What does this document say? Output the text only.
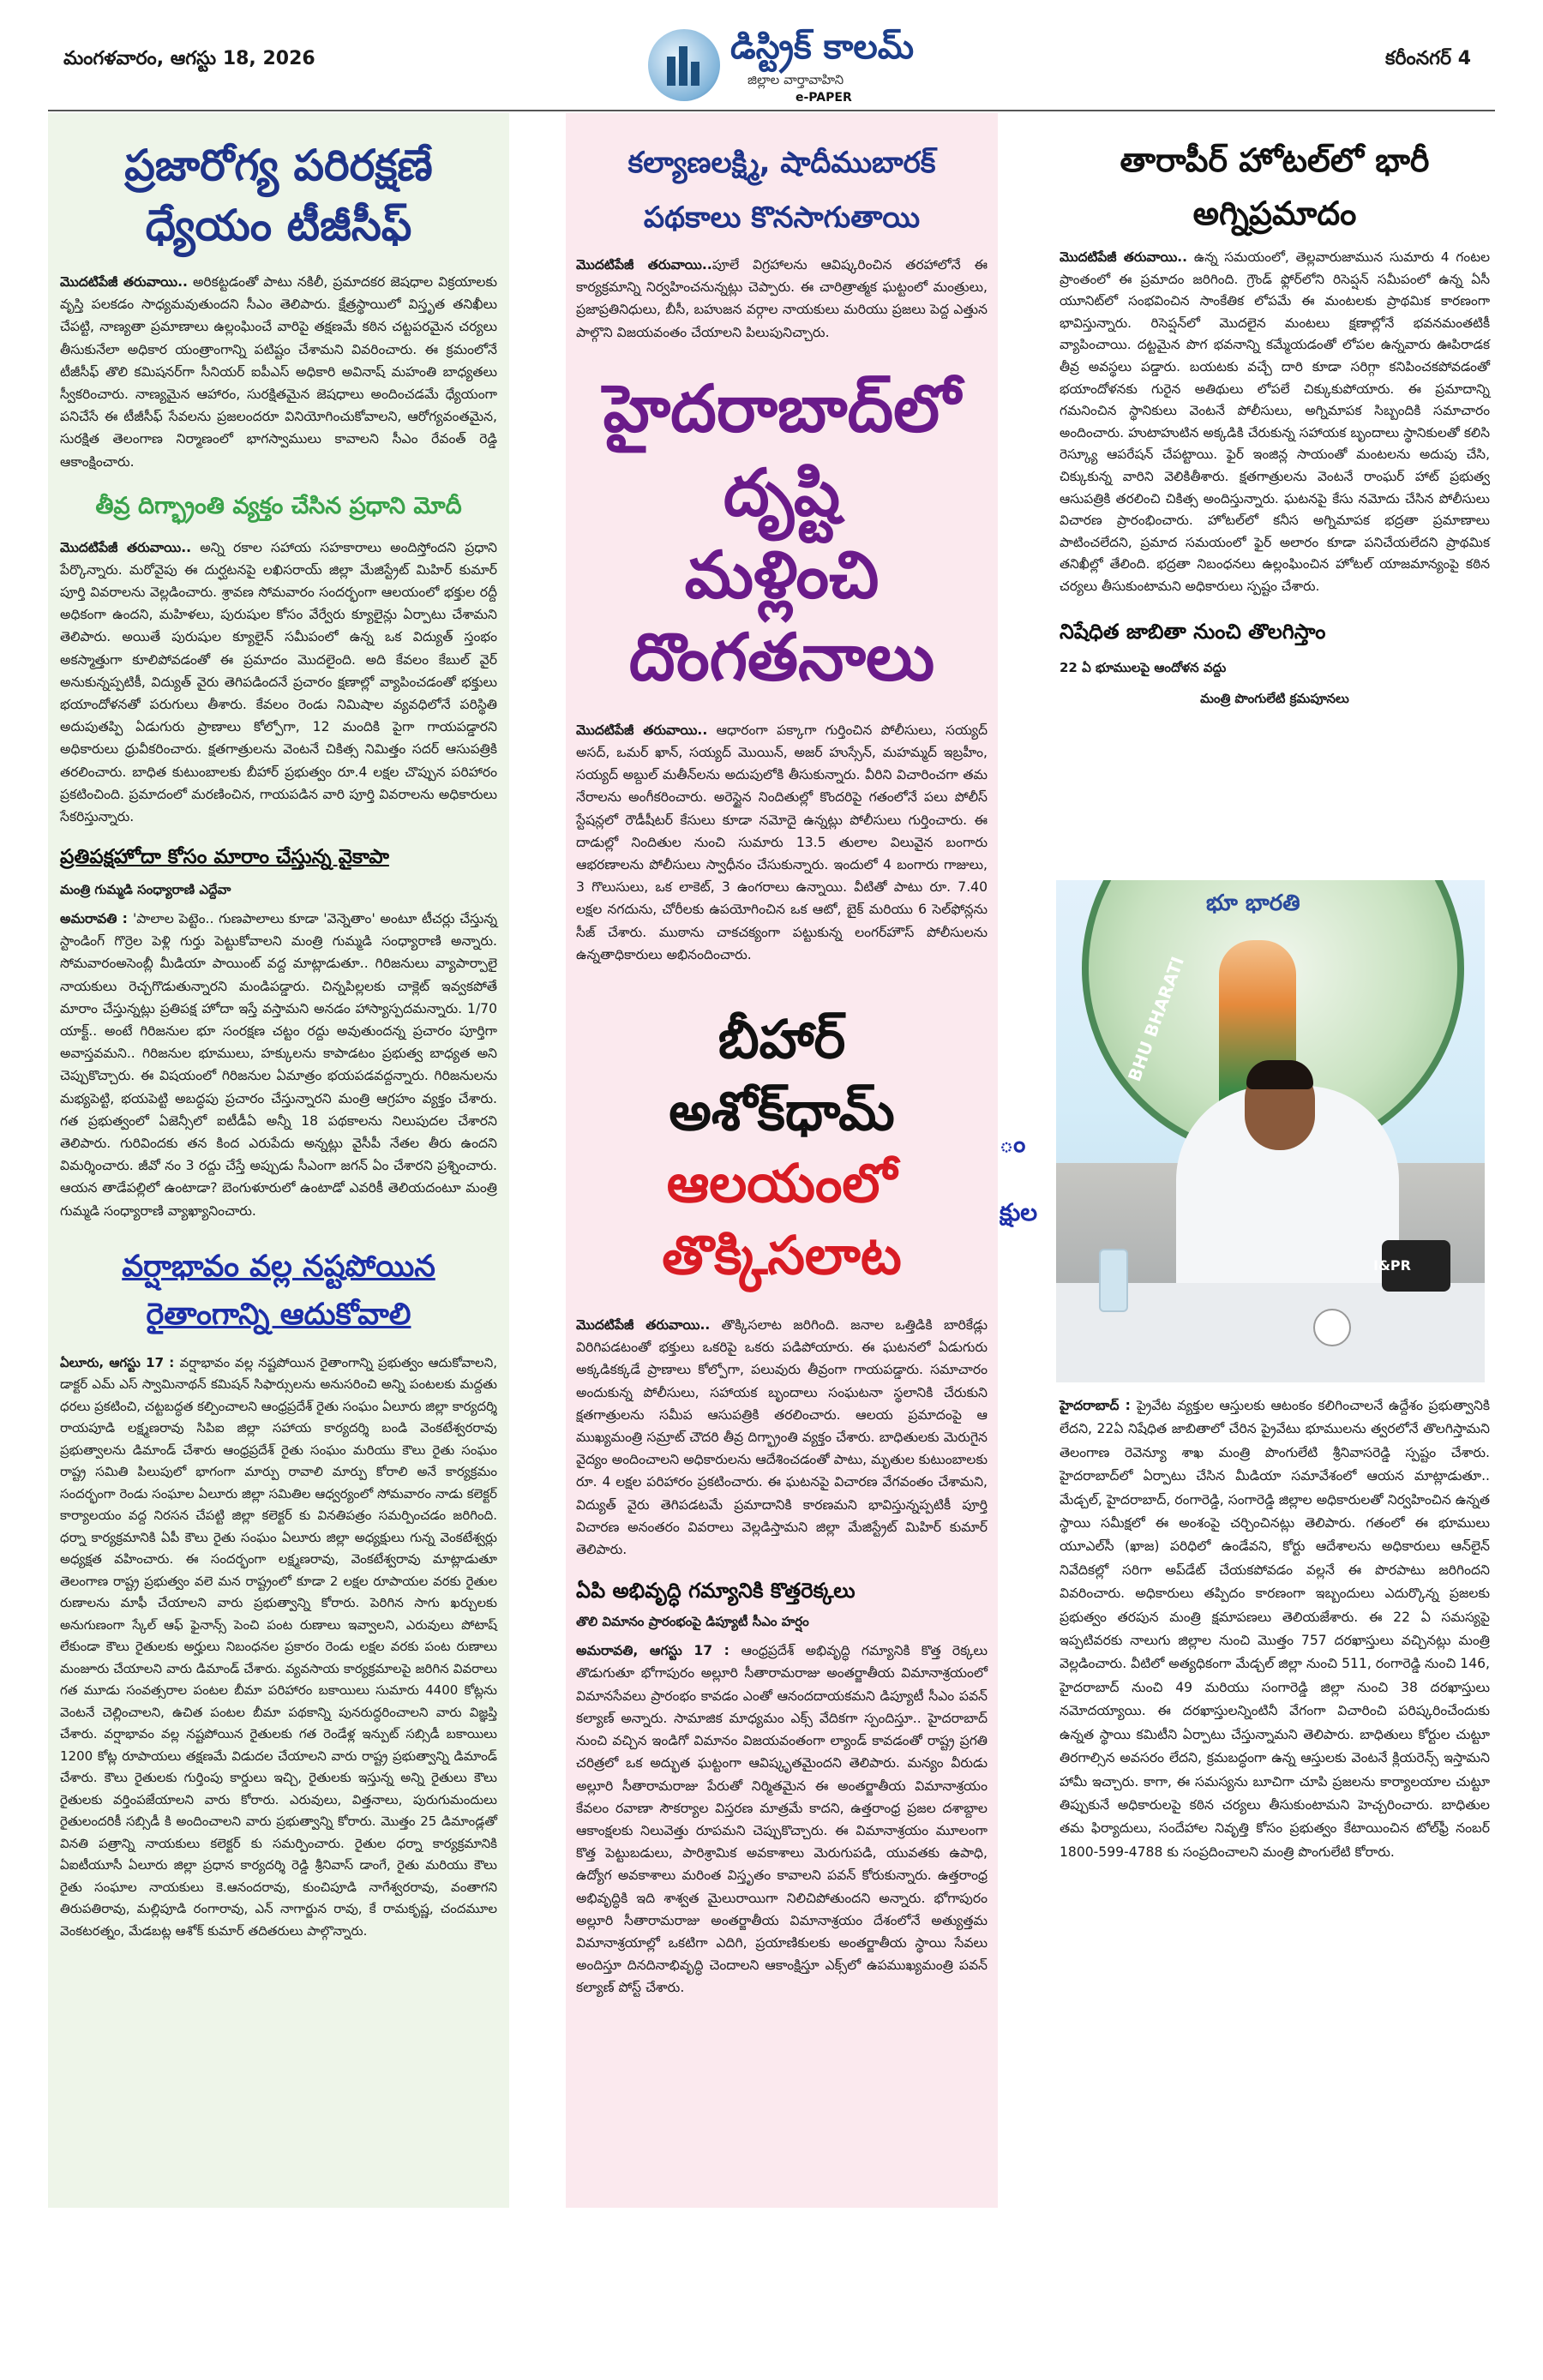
మంగళవారం, ఆగస్టు 18, 2026	డిస్ట్రిక్ కాలమ్
జిల్లాల వార్తావాహిని
e-PAPER
కరీంనగర్ 4
ప్రజారోగ్య పరిరక్షణే ధ్యేయం టీజీసీఫ్

మొదటిపేజీ తరువాయి.. అరికట్టడంతో పాటు నకిలీ, ప్రమాదకర జెషధాల విక్రయాలకు వృస్తి పలకడం సాధ్యమవుతుందని సీఎం తెలిపారు. క్షేత్రస్థాయిలో విస్తృత తనిఖీలు చేపట్టి, నాణ్యతా ప్రమాణాలు ఉల్లంఘించే వారిపై తక్షణమే కఠిన చట్టపరమైన చర్యలు తీసుకునేలా అధికార యంత్రాంగాన్ని పటిష్టం చేశామని వివరించారు. ఈ క్రమంలోనే టీజీసీఫ్ తొలి కమిషనర్‌గా సీనియర్ ఐపీఎస్ అధికారి అవినాష్ మహంతి బాధ్యతలు స్వీకరించారు. నాణ్యమైన ఆహారం, సురక్షితమైన జెషధాలు అందించడమే ధ్యేయంగా పనిచేసే ఈ టీజీసీఫ్ సేవలను ప్రజలందరూ వినియోగించుకోవాలని, ఆరోగ్యవంతమైన, సురక్షిత తెలంగాణ నిర్మాణంలో భాగస్వాములు కావాలని సీఎం రేవంత్ రెడ్డి ఆకాంక్షించారు.

తీవ్ర దిగ్భ్రాంతి వ్యక్తం చేసిన ప్రధాని మోదీ

మొదటిపేజీ తరువాయి.. అన్ని రకాల సహాయ సహకారాలు అందిస్తోందని ప్రధాని పేర్కొన్నారు. మరోవైపు ఈ దుర్ఘటనపై లఖిసరాయ్ జిల్లా మేజిస్ట్రేట్ మిహిర్ కుమార్ పూర్తి వివరాలను వెల్లడించారు. శ్రావణ సోమవారం సందర్భంగా ఆలయంలో భక్తుల రద్దీ అధికంగా ఉందని, మహిళలు, పురుషుల కోసం వేర్వేరు క్యూలైన్లు ఏర్పాటు చేశామని తెలిపారు. అయితే పురుషుల క్యూలైన్ సమీపంలో ఉన్న ఒక విద్యుత్ స్తంభం అకస్మాత్తుగా కూలిపోవడంతో ఈ ప్రమాదం మొదలైంది. అది కేవలం కేబుల్ వైర్ అనుకున్నప్పటికీ, విద్యుత్ వైరు తెగిపడిందనే ప్రచారం క్షణాల్లో వ్యాపించడంతో భక్తులు భయాందోళనతో పరుగులు తీశారు. కేవలం రెండు నిమిషాల వ్యవధిలోనే పరిస్థితి అదుపుతప్పి ఏడుగురు ప్రాణాలు కోల్పోగా, 12 మందికి పైగా గాయపడ్డారని అధికారులు ధ్రువీకరించారు. క్షతగాత్రులను వెంటనే చికిత్స నిమిత్తం సదర్ ఆసుపత్రికి తరలించారు. బాధిత కుటుంబాలకు బీహార్ ప్రభుత్వం రూ.4 లక్షల చొప్పున పరిహారం ప్రకటించింది. ప్రమాదంలో మరణించిన, గాయపడిన వారి పూర్తి వివరాలను అధికారులు సేకరిస్తున్నారు.

ప్రతిపక్షహోదా కోసం మారాం చేస్తున్న వైకాపా
మంత్రి గుమ్మడి సంధ్యారాణి ఎద్దేవా

అమరావతి : 'పాలాల పెట్టెం.. గుణపాలాలు కూడా 'వెన్నెతాం' అంటూ టీచర్లు చేస్తున్న స్టాండింగ్ గొర్రెల పెళ్లి గుర్తు పెట్టుకోవాలని మంత్రి గుమ్మడి సంధ్యారాణి అన్నారు. సోమవారంఅసెంబ్లీ మీడియా పాయింట్ వద్ద మాట్లాడుతూ.. గిరిజనులు వ్యాపార్పాలై నాయకులు రెచ్చగొడుతున్నారని మండిపడ్డారు. చిన్నపిల్లలకు చాక్లెట్ ఇవ్వకపోతే మారాం చేస్తున్నట్లు ప్రతిపక్ష హోదా ఇస్తే వస్తామని అనడం హాస్యాస్పదమన్నారు. 1/70 యాక్ట్.. అంటే గిరిజనుల భూ సంరక్షణ చట్టం రద్దు అవుతుందన్న ప్రచారం పూర్తిగా అవాస్తవమని.. గిరిజనుల భూములు, హక్కులను కాపాడటం ప్రభుత్వ బాధ్యత అని చెప్పుకొచ్చారు. ఈ విషయంలో గిరిజనుల ఏమాత్రం భయపడవద్దన్నారు. గిరిజనులను మభ్యపెట్టి, భయపెట్టి అబద్ధపు ప్రచారం చేస్తున్నారని మంత్రి ఆగ్రహం వ్యక్తం చేశారు. గత ప్రభుత్వంలో ఏజెన్సీలో ఐటీడీఏ అన్నీ 18 పథకాలను నిలుపుదల చేశారని తెలిపారు. గురివిందకు తన కింద ఎరుపేదు అన్నట్లు వైసీపీ నేతల తీరు ఉందని విమర్శించారు. జీవో నం 3 రద్దు చేస్తే అప్పుడు సీఎంగా జగన్ ఏం చేశారని ప్రశ్నించారు. ఆయన తాడేపల్లిలో ఉంటాడా? బెంగుళూరులో ఉంటాడో ఎవరికీ తెలియదంటూ మంత్రి గుమ్మడి సంధ్యారాణి వ్యాఖ్యానించారు.

వర్షాభావం వల్ల నష్టపోయిన రైతాంగాన్ని ఆదుకోవాలి

ఏలూరు, ఆగస్టు 17 : వర్షాభావం వల్ల నష్టపోయిన రైతాంగాన్ని ప్రభుత్వం ఆదుకోవాలని, డాక్టర్ ఎమ్ ఎస్ స్వామినాథన్ కమిషన్ సిఫార్సులను అనుసరించి అన్ని పంటలకు మద్దతు ధరలు ప్రకటించి, చట్టబద్ధత కల్పించాలని ఆంధ్రప్రదేశ్ రైతు సంఘం ఏలూరు జిల్లా కార్యదర్శి రాయపూడి లక్ష్మణరావు సిపిఐ జిల్లా సహాయ కార్యదర్శి బండి వెంకటేశ్వరరావు ప్రభుత్వాలను డిమాండ్ చేశారు ఆంధ్రప్రదేశ్ రైతు సంఘం మరియు కౌలు రైతు సంఘం రాష్ట్ర సమితి పిలుపులో భాగంగా మార్పు రావాలి మార్పు కోరాలి అనే కార్యక్రమం సందర్భంగా రెండు సంఘాల ఏలూరు జిల్లా సమితిల ఆధ్వర్యంలో సోమవారం నాడు కలెక్టర్ కార్యాలయం వద్ద నిరసన చేపట్టి జిల్లా కలెక్టర్ కు వినతిపత్రం సమర్పించడం జరిగింది. ధర్నా కార్యక్రమానికి ఏపీ కౌలు రైతు సంఘం ఏలూరు జిల్లా అధ్యక్షులు గున్న వెంకటేశ్వర్లు అధ్యక్షత వహించారు. ఈ సందర్భంగా లక్ష్మణరావు, వెంకటేశ్వరావు మాట్లాడుతూ తెలంగాణ రాష్ట్ర ప్రభుత్వం వలె మన రాష్ట్రంలో కూడా 2 లక్షల రూపాయల వరకు రైతుల రుణాలను మాఫీ చేయాలని వారు ప్రభుత్వాన్ని కోరారు. పెరిగిన సాగు ఖర్చులకు అనుగుణంగా స్కేల్ ఆఫ్ ఫైనాన్స్ పెంచి పంట రుణాలు ఇవ్వాలని, ఎరువులు పోటాష్ లేకుండా కౌలు రైతులకు అర్హులు నిబంధనల ప్రకారం రెండు లక్షల వరకు పంట రుణాలు మంజూరు చేయాలని వారు డిమాండ్ చేశారు. వ్యవసాయ కార్యక్రమాలపై జరిగిన వివరాలు గత మూడు సంవత్సరాల పంటల బీమా పరిహారం బకాయిలు సుమారు 4400 కోట్లను వెంటనే చెల్లించాలని, ఉచిత పంటల బీమా పథకాన్ని పునరుద్ధరించాలని వారు విజ్ఞప్తి చేశారు. వర్షాభావం వల్ల నష్టపోయిన రైతులకు గత రెండేళ్ల ఇన్పుట్ సబ్సిడీ బకాయిలు 1200 కోట్ల రూపాయలు తక్షణమే విడుదల చేయాలని వారు రాష్ట్ర ప్రభుత్వాన్ని డిమాండ్ చేశారు. కౌలు రైతులకు గుర్తింపు కార్డులు ఇచ్చి, రైతులకు ఇస్తున్న అన్ని రైతులు కౌలు రైతులకు వర్తింపజేయాలని వారు కోరారు. ఎరువులు, విత్తనాలు, పురుగుమందులు రైతులందరికీ సబ్సిడీ కి అందించాలని వారు ప్రభుత్వాన్ని కోరారు. మొత్తం 25 డిమాండ్లతో వినతి పత్రాన్ని నాయకులు కలెక్టర్ కు సమర్పించారు. రైతుల ధర్నా కార్యక్రమానికి ఏఐటీయూసీ ఏలూరు జిల్లా ప్రధాన కార్యదర్శి రెడ్డి శ్రీనివాస్ డాంగే, రైతు మరియు కౌలు రైతు సంఘాల నాయకులు కె.ఆనందరావు, కుంచిపూడి నాగేశ్వరరావు, వంతాగని తిరుపతిరావు, మల్లిపూడి రంగారావు, ఎన్ నాగార్జున రావు, కే రామకృష్ణ, చందమూల వెంకటరత్నం, మేడబట్ల ఆశోక్ కుమార్ తదితరులు పాల్గొన్నారు.

కల్యాణలక్ష్మి, షాదీముబారక్ పథకాలు కొనసాగుతాయి

మొదటిపేజీ తరువాయి..పూలే విగ్రహాలను ఆవిష్కరించిన తరహాలోనే ఈ కార్యక్రమాన్ని నిర్వహించనున్నట్లు చెప్పారు. ఈ చారిత్రాత్మక ఘట్టంలో మంత్రులు, ప్రజాప్రతినిధులు, బీసీ, బహుజన వర్గాల నాయకులు మరియు ప్రజలు పెద్ద ఎత్తున పాల్గొని విజయవంతం చేయాలని పిలుపునిచ్చారు.

హైదరాబాద్‌లో
దృష్టి
మళ్లించి
దొంగతనాలు

మొదటిపేజీ తరువాయి.. ఆధారంగా పక్కాగా గుర్తించిన పోలీసులు, సయ్యద్ అసద్, ఒమర్ ఖాన్, సయ్యద్ మొయిన్, అజర్ హుస్సేన్, మహమ్మద్ ఇబ్రహీం, సయ్యద్ అబ్దుల్ మతీన్‌లను అదుపులోకి తీసుకున్నారు. వీరిని విచారించగా తమ నేరాలను అంగీకరించారు. అరెస్టైన నిందితుల్లో కొందరిపై గతంలోనే పలు పోలీస్ స్టేషన్లలో రౌడీషీటర్ కేసులు కూడా నమోదై ఉన్నట్లు పోలీసులు గుర్తించారు. ఈ దాడుల్లో నిందితుల నుంచి సుమారు 13.5 తులాల విలువైన బంగారు ఆభరణాలను పోలీసులు స్వాధీనం చేసుకున్నారు. ఇందులో 4 బంగారు గాజులు, 3 గొలుసులు, ఒక లాకెట్, 3 ఉంగరాలు ఉన్నాయి. వీటితో పాటు రూ. 7.40 లక్షల నగదును, చోరీలకు ఉపయోగించిన ఒక ఆటో, బైక్ మరియు 6 సెల్‌ఫోన్లను సీజ్ చేశారు. ముఠాను చాకచక్యంగా పట్టుకున్న లంగర్‌హౌస్ పోలీసులను ఉన్నతాధికారులు అభినందించారు.

బీహార్
అశోక్‌ధామ్
ఆలయంలో
తొక్కిసలాట

మొదటిపేజీ తరువాయి.. తొక్కిసలాట జరిగింది. జనాల ఒత్తిడికి బారికేడ్లు విరిగిపడటంతో భక్తులు ఒకరిపై ఒకరు పడిపోయారు. ఈ ఘటనలో ఏడుగురు అక్కడికక్కడే ప్రాణాలు కోల్పోగా, పలువురు తీవ్రంగా గాయపడ్డారు. సమాచారం అందుకున్న పోలీసులు, సహాయక బృందాలు సంఘటనా స్థలానికి చేరుకుని క్షతగాత్రులను సమీప ఆసుపత్రికి తరలించారు. ఆలయ ప్రమాదంపై ఆ ముఖ్యమంత్రి సమ్రాట్ చౌదరి తీవ్ర దిగ్భ్రాంతి వ్యక్తం చేశారు. బాధితులకు మెరుగైన వైద్యం అందించాలని అధికారులను ఆదేశించడంతో పాటు, మృతుల కుటుంబాలకు రూ. 4 లక్షల పరిహారం ప్రకటించారు. ఈ ఘటనపై విచారణ వేగవంతం చేశామని, విద్యుత్ వైరు తెగిపడటమే ప్రమాదానికి కారణమని భావిస్తున్నప్పటికీ పూర్తి విచారణ అనంతరం వివరాలు వెల్లడిస్తామని జిల్లా మేజిస్ట్రేట్ మిహిర్ కుమార్ తెలిపారు.

ఏపి అభివృద్ధి గమ్యానికి కొత్తరెక్కలు
తొలి విమానం ప్రారంభంపై డిప్యూటీ సీఎం హర్షం

అమరావతి, ఆగస్టు 17 : ఆంధ్రప్రదేశ్ అభివృద్ధి గమ్యానికి కొత్త రెక్కలు తొడుగుతూ భోగాపురం అల్లూరి సీతారామరాజు అంతర్జాతీయ విమానాశ్రయంలో విమానసేవలు ప్రారంభం కావడం ఎంతో ఆనందదాయకమని డిప్యూటీ సీఎం పవన్ కల్యాణ్ అన్నారు. సామాజిక మాధ్యమం ఎక్స్ వేదికగా స్పందిస్తూ.. హైదరాబాద్ నుంచి వచ్చిన ఇండిగో విమానం విజయవంతంగా ల్యాండ్ కావడంతో రాష్ట్ర ప్రగతి చరిత్రలో ఒక అద్భుత ఘట్టంగా ఆవిష్కృతమైందని తెలిపారు. మన్యం వీరుడు అల్లూరి సీతారామరాజు పేరుతో నిర్మితమైన ఈ అంతర్జాతీయ విమానాశ్రయం కేవలం రవాణా సౌకర్యాల విస్తరణ మాత్రమే కాదని, ఉత్తరాంధ్ర ప్రజల దశాబ్దాల ఆకాంక్షలకు నిలువెత్తు రూపమని చెప్పుకొచ్చారు. ఈ విమానాశ్రయం మూలంగా కొత్త పెట్టుబడులు, పారిశ్రామిక అవకాశాలు మెరుగుపడి, యువతకు ఉపాధి, ఉద్యోగ అవకాశాలు మరింత విస్తృతం కావాలని పవన్ కోరుకున్నారు. ఉత్తరాంధ్ర అభివృద్ధికి ఇది శాశ్వత మైలురాయిగా నిలిచిపోతుందని అన్నారు. భోగాపురం అల్లూరి సీతారామరాజు అంతర్జాతీయ విమానాశ్రయం దేశంలోనే అత్యుత్తమ విమానాశ్రయాల్లో ఒకటిగా ఎదిగి, ప్రయాణికులకు అంతర్జాతీయ స్థాయి సేవలు అందిస్తూ దినదినాభివృద్ధి చెందాలని ఆకాంక్షిస్తూ ఎక్స్‌లో ఉపముఖ్యమంత్రి పవన్ కల్యాణ్ పోస్ట్ చేశారు.

తారాపీర్ హోటల్‌లో భారీ అగ్నిప్రమాదం

మొదటిపేజీ తరువాయి.. ఉన్న సమయంలో, తెల్లవారుజామున సుమారు 4 గంటల ప్రాంతంలో ఈ ప్రమాదం జరిగింది. గ్రౌండ్ ఫ్లోర్‌లోని రిసెప్షన్ సమీపంలో ఉన్న ఏసీ యూనిట్‌లో సంభవించిన సాంకేతిక లోపమే ఈ మంటలకు ప్రాథమిక కారణంగా భావిస్తున్నారు. రిసెప్షన్‌లో మొదలైన మంటలు క్షణాల్లోనే భవనమంతటికీ వ్యాపించాయి. దట్టమైన పొగ భవనాన్ని కమ్మేయడంతో లోపల ఉన్నవారు ఊపిరాడక తీవ్ర అవస్థలు పడ్డారు. బయటకు వచ్చే దారి కూడా సరిగ్గా కనిపించకపోవడంతో భయాందోళనకు గురైన అతిథులు లోపలే చిక్కుకుపోయారు. ఈ ప్రమాదాన్ని గమనించిన స్థానికులు వెంటనే పోలీసులు, అగ్నిమాపక సిబ్బందికి సమాచారం అందించారు. హుటాహుటిన అక్కడికి చేరుకున్న సహాయక బృందాలు స్థానికులతో కలిసి రెస్క్యూ ఆపరేషన్ చేపట్టాయి. ఫైర్ ఇంజిన్ల సాయంతో మంటలను అదుపు చేసి, చిక్కుకున్న వారిని వెలికితీశారు. క్షతగాత్రులను వెంటనే రాంఘర్ హాట్ ప్రభుత్వ ఆసుపత్రికి తరలించి చికిత్స అందిస్తున్నారు. ఘటనపై కేసు నమోదు చేసిన పోలీసులు విచారణ ప్రారంభించారు. హోటల్‌లో కనీస అగ్నిమాపక భద్రతా ప్రమాణాలు పాటించలేదని, ప్రమాద సమయంలో ఫైర్ అలారం కూడా పనిచేయలేదని ప్రాథమిక తనిఖీల్లో తేలింది. భద్రతా నిబంధనలు ఉల్లంఘించిన హోటల్ యాజమాన్యంపై కఠిన చర్యలు తీసుకుంటామని అధికారులు స్పష్టం చేశారు.

నిషేధిత జాబితా నుంచి తొలగిస్తాం
22 ఏ భూములపై ఆందోళన వద్దు
మంత్రి పొంగులేటి క్రమపూనలు

హైదరాబాద్ : ప్రైవేట వ్యక్తుల ఆస్తులకు ఆటంకం కలిగించాలనే ఉద్దేశం ప్రభుత్వానికి లేదని, 22ఏ నిషేధిత జాబితాలో చేరిన ప్రైవేటు భూములను త్వరలోనే తొలగిస్తామని తెలంగాణ రెవెన్యూ శాఖ మంత్రి పొంగులేటి శ్రీనివాసరెడ్డి స్పష్టం చేశారు. హైదరాబాద్‌లో ఏర్పాటు చేసిన మీడియా సమావేశంలో ఆయన మాట్లాడుతూ.. మేడ్చల్, హైదరాబాద్, రంగారెడ్డి, సంగారెడ్డి జిల్లాల అధికారులతో నిర్వహించిన ఉన్నత స్థాయి సమీక్షలో ఈ అంశంపై చర్చించినట్లు తెలిపారు. గతంలో ఈ భూములు యూఎల్‌సీ (ఖాజ) పరిధిలో ఉండేవని, కోర్టు ఆదేశాలను అధికారులు ఆన్‌లైన్ నివేదికల్లో సరిగా అప్‌డేట్ చేయకపోవడం వల్లనే ఈ పొరపాటు జరిగిందని వివరించారు. అధికారులు తప్పిదం కారణంగా ఇబ్బందులు ఎదుర్కొన్న ప్రజలకు ప్రభుత్వం తరపున మంత్రి క్షమాపణలు తెలియజేశారు. ఈ 22 ఏ సమస్యపై ఇప్పటివరకు నాలుగు జిల్లాల నుంచి మొత్తం 757 దరఖాస్తులు వచ్చినట్లు మంత్రి వెల్లడించారు. వీటిలో అత్యధికంగా మేడ్చల్ జిల్లా నుంచి 511, రంగారెడ్డి నుంచి 146, హైదరాబాద్ నుంచి 49 మరియు సంగారెడ్డి జిల్లా నుంచి 38 దరఖాస్తులు నమోదయ్యాయి. ఈ దరఖాస్తులన్నింటినీ వేగంగా విచారించి పరిష్కరించేందుకు ఉన్నత స్థాయి కమిటీని ఏర్పాటు చేస్తున్నామని తెలిపారు. బాధితులు కోర్టుల చుట్టూ తిరగాల్సిన అవసరం లేదని, క్రమబద్ధంగా ఉన్న ఆస్తులకు వెంటనే క్లియరెన్స్ ఇస్తామని హామీ ఇచ్చారు. కాగా, ఈ సమస్యను బూచిగా చూపి ప్రజలను కార్యాలయాల చుట్టూ తిప్పుకునే అధికారులపై కఠిన చర్యలు తీసుకుంటామని హెచ్చరించారు. బాధితుల తమ ఫిర్యాదులు, సందేహాల నివృత్తి కోసం ప్రభుత్వం కేటాయించిన టోల్‌ఫ్రీ నంబర్ 1800-599-4788 కు సంప్రదించాలని మంత్రి పొంగులేటి కోరారు.

భూ భారతి
BHU BHARATI
I&PR
ం
క్షుల
